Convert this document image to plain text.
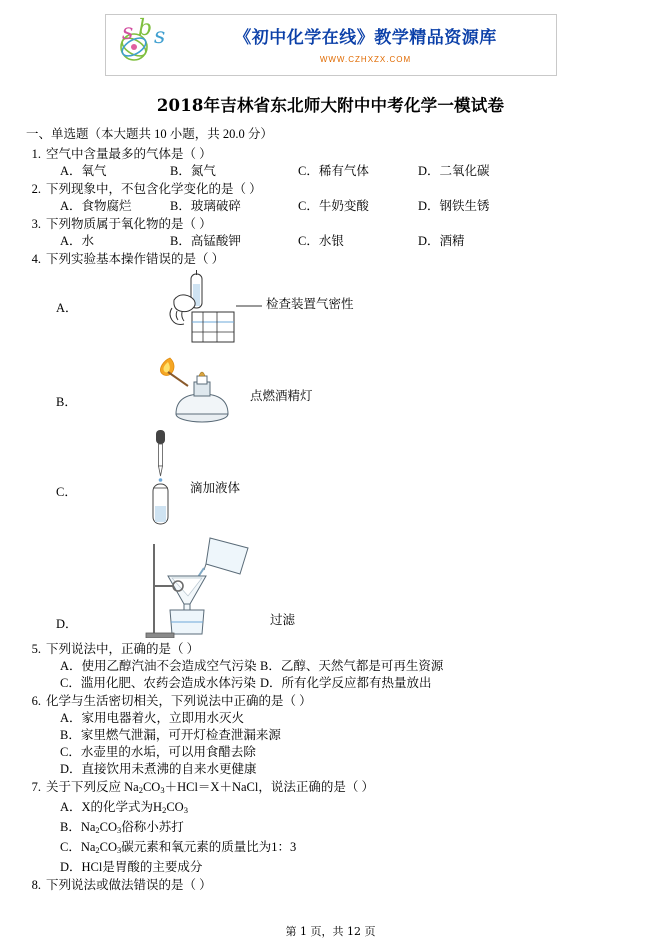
s b s	《初中化学在线》教学精品资源库
WWW.CZHXZX.COM
2018年吉林省东北师大附中中考化学一模试卷
一、单选题（本大题共 10 小题，共 20.0 分）
1. 空气中含量最多的气体是（ ）
A．氧气	B．氮气	C．稀有气体	D．二氧化碳
2. 下列现象中，不包含化学变化的是（ ）
A．食物腐烂	B．玻璃破碎	C．牛奶变酸	D．钢铁生锈
3. 下列物质属于氧化物的是（ ）
A．水	B．高锰酸钾	C．水银	D．酒精
4. 下列实验基本操作错误的是（ ）
A．	检查装置气密性
B．	点燃酒精灯
C．	滴加液体
D．	过滤
5. 下列说法中，正确的是（ ）
A．使用乙醇汽油不会造成空气污染 B．乙醇、天然气都是可再生资源
C．滥用化肥、农药会造成水体污染 D．所有化学反应都有热量放出
6. 化学与生活密切相关，下列说法中正确的是（ ）
A．家用电器着火，立即用水灭火
B．家里燃气泄漏，可开灯检查泄漏来源
C．水壶里的水垢，可以用食醋去除
D．直接饮用未煮沸的自来水更健康
7. 关于下列反应 $Na_2CO_3+HCl=X+NaCl$，说法正确的是（ ）
A．X的化学式为$H_2CO_3$
B．$Na_2CO_3$俗称小苏打
C．$Na_2CO_3$碳元素和氧元素的质量比为1：3
D．HCl是胃酸的主要成分
8. 下列说法或做法错误的是（ ）
第 1 页，共 12 页
